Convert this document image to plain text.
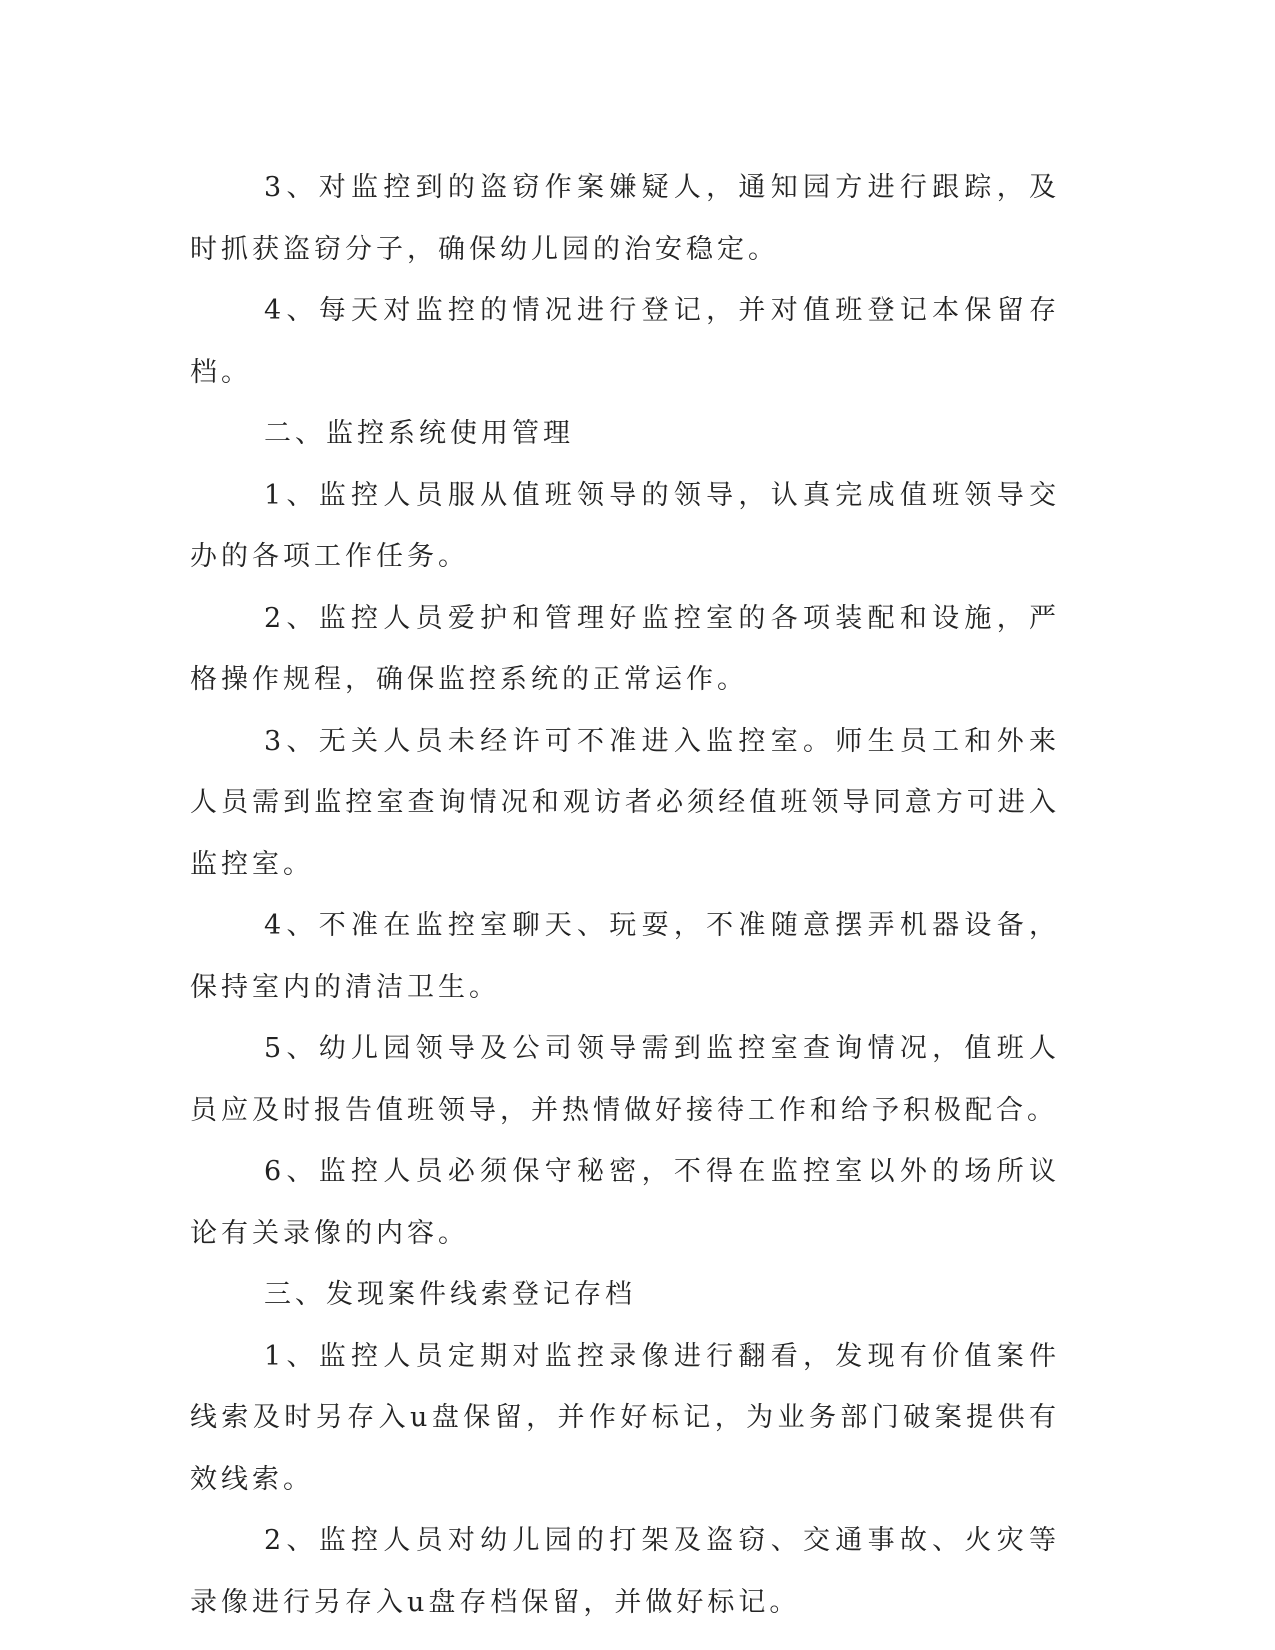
3、对监控到的盗窃作案嫌疑人，通知园方进行跟踪，及时抓获盗窃分子，确保幼儿园的治安稳定。

4、每天对监控的情况进行登记，并对值班登记本保留存档。

二、监控系统使用管理

1、监控人员服从值班领导的领导，认真完成值班领导交办的各项工作任务。

2、监控人员爱护和管理好监控室的各项装配和设施，严格操作规程，确保监控系统的正常运作。

3、无关人员未经许可不准进入监控室。师生员工和外来人员需到监控室查询情况和观访者必须经值班领导同意方可进入监控室。

4、不准在监控室聊天、玩耍，不准随意摆弄机器设备，保持室内的清洁卫生。

5、幼儿园领导及公司领导需到监控室查询情况，值班人员应及时报告值班领导，并热情做好接待工作和给予积极配合。

6、监控人员必须保守秘密，不得在监控室以外的场所议论有关录像的内容。

三、发现案件线索登记存档

1、监控人员定期对监控录像进行翻看，发现有价值案件线索及时另存入u盘保留，并作好标记，为业务部门破案提供有效线索。

2、监控人员对幼儿园的打架及盗窃、交通事故、火灾等录像进行另存入u盘存档保留，并做好标记。
